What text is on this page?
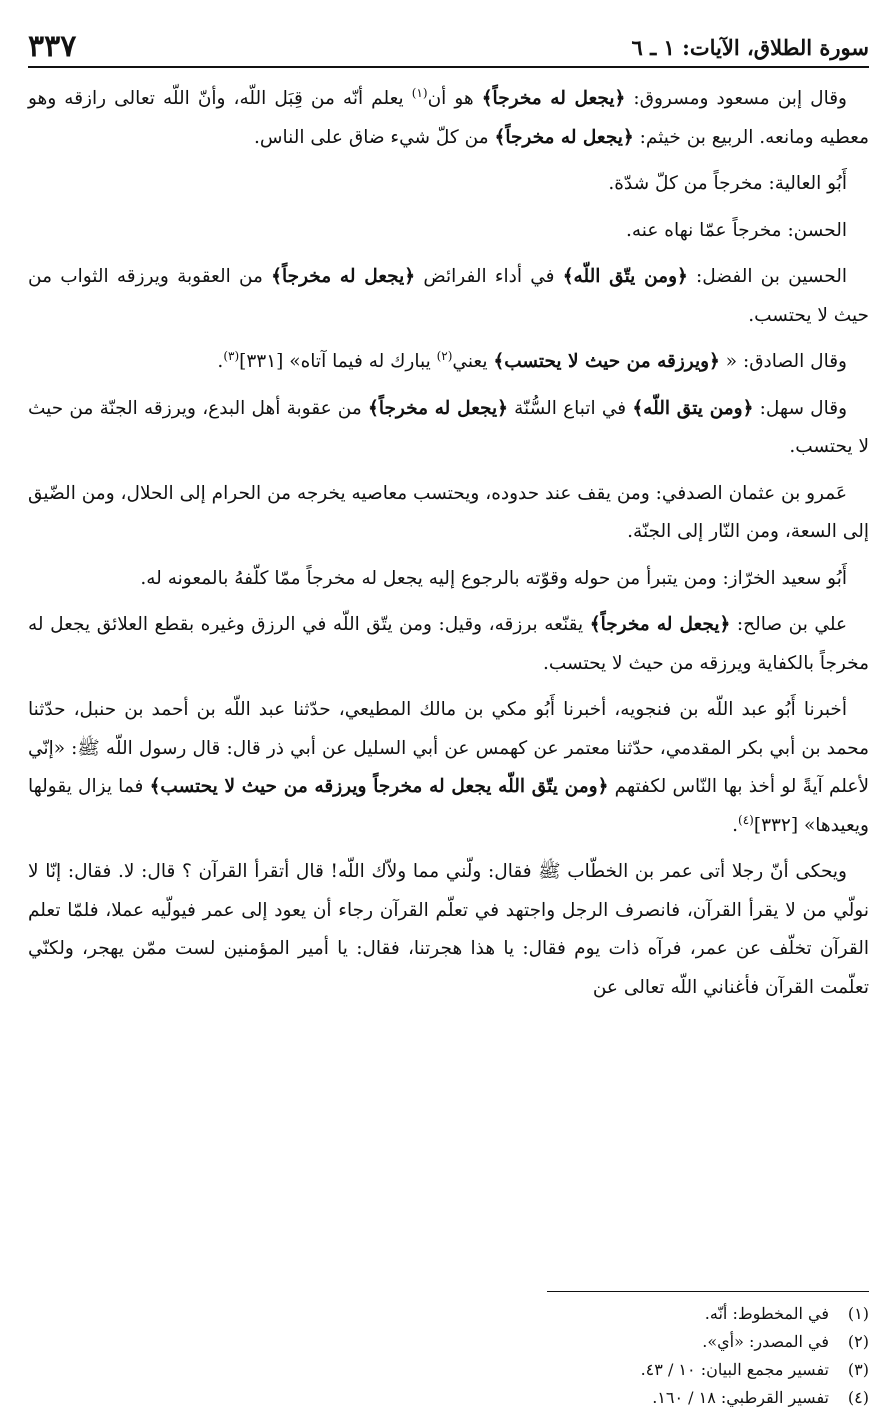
سورة الطلاق، الآيات: ١ ـ ٦
٣٣٧

وقال إبن مسعود ومسروق: ﴿يجعل له مخرجاً﴾ هو أن$^{(١)}$ يعلم أنّه من قِبَل اللّه، وأنّ اللّه تعالى رازقه وهو معطيه ومانعه. الربيع بن خيثم: ﴿يجعل له مخرجاً﴾ من كلّ شيء ضاق على الناس.

أَبُو العالية: مخرجاً من كلّ شدّة.

الحسن: مخرجاً عمّا نهاه عنه.

الحسين بن الفضل: ﴿ومن يتّق اللّه﴾ في أداء الفرائض ﴿يجعل له مخرجاً﴾ من العقوبة ويرزقه الثواب من حيث لا يحتسب.

وقال الصادق: « ﴿ويرزقه من حيث لا يحتسب﴾ يعني$^{(٢)}$ يبارك له فيما آتاه» [٣٣١]$^{(٣)}$.

وقال سهل: ﴿ومن يتق اللّه﴾ في اتباع السُّنّة ﴿يجعل له مخرجاً﴾ من عقوبة أهل البدع، ويرزقه الجنّة من حيث لا يحتسب.

عَمرو بن عثمان الصدفي: ومن يقف عند حدوده، ويحتسب معاصيه يخرجه من الحرام إلى الحلال، ومن الضّيق إلى السعة، ومن النّار إلى الجنّة.

أَبُو سعيد الخرّاز: ومن يتبرأ من حوله وقوّته بالرجوع إليه يجعل له مخرجاً ممّا كلّفهُ بالمعونه له.

علي بن صالح: ﴿يجعل له مخرجاً﴾ يقنّعه برزقه، وقيل: ومن يتّق اللّه في الرزق وغيره بقطع العلائق يجعل له مخرجاً بالكفاية ويرزقه من حيث لا يحتسب.

أخبرنا أَبُو عبد اللّه بن فنجويه، أخبرنا أَبُو مكي بن مالك المطيعي، حدّثنا عبد اللّه بن أحمد بن حنبل، حدّثنا محمد بن أبي بكر المقدمي، حدّثنا معتمر عن كهمس عن أبي السليل عن أبي ذر قال: قال رسول اللّه ﷺ: «إنّي لأعلم آيةً لو أخذ بها النّاس لكفتهم ﴿ومن يتّق اللّه يجعل له مخرجاً ويرزقه من حيث لا يحتسب﴾ فما يزال يقولها ويعيدها» [٣٣٢]$^{(٤)}$.

ويحكى أنّ رجلا أتى عمر بن الخطّاب ﷺ فقال: ولّني مما ولاّك اللّه! قال أتقرأ القرآن ؟ قال: لا. فقال: إنّا لا نولّي من لا يقرأ القرآن، فانصرف الرجل واجتهد في تعلّم القرآن رجاء أن يعود إلى عمر فيولّيه عملا، فلمّا تعلم القرآن تخلّف عن عمر، فرآه ذات يوم فقال: يا هذا هجرتنا، فقال: يا أمير المؤمنين لست ممّن يهجر، ولكنّي تعلّمت القرآن فأغناني اللّه تعالى عن

(١)
في المخطوط: أنّه.
(٢)
في المصدر: «أي».
(٣)
تفسير مجمع البيان: ١٠ / ٤٣.
(٤)
تفسير القرطبي: ١٨ / ١٦٠.
